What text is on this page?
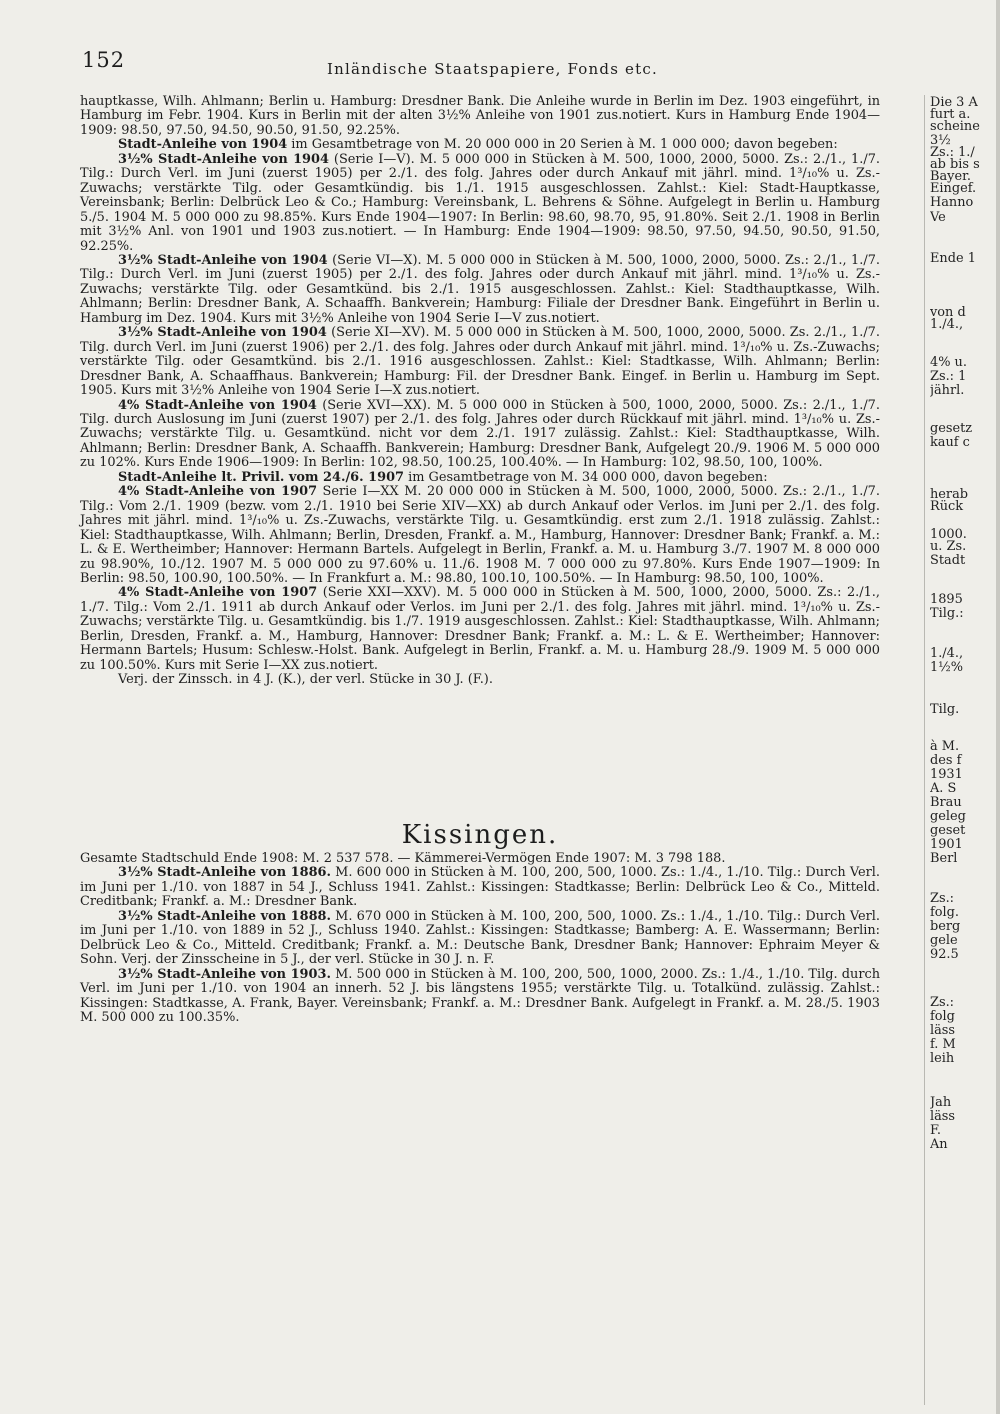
152	Inländische Staatspapiere, Fonds etc.

hauptkasse, Wilh. Ahlmann; Berlin u. Hamburg: Dresdner Bank. Die Anleihe wurde in Berlin im Dez. 1903 eingeführt, in Hamburg im Febr. 1904. Kurs in Berlin mit der alten 3½% Anleihe von 1901 zus.notiert. Kurs in Hamburg Ende 1904—1909: 98.50, 97.50, 94.50, 90.50, 91.50, 92.25%.

Stadt-Anleihe von 1904 im Gesamtbetrage von M. 20 000 000 in 20 Serien à M. 1 000 000; davon begeben:

3½% Stadt-Anleihe von 1904 (Serie I—V). M. 5 000 000 in Stücken à M. 500, 1000, 2000, 5000. Zs.: 2./1., 1./7. Tilg.: Durch Verl. im Juni (zuerst 1905) per 2./1. des folg. Jahres oder durch Ankauf mit jährl. mind. 1³/₁₀% u. Zs.-Zuwachs; verstärkte Tilg. oder Gesamtkündig. bis 1./1. 1915 ausgeschlossen. Zahlst.: Kiel: Stadt-Hauptkasse, Vereinsbank; Berlin: Delbrück Leo & Co.; Hamburg: Vereinsbank, L. Behrens & Söhne. Aufgelegt in Berlin u. Hamburg 5./5. 1904 M. 5 000 000 zu 98.85%. Kurs Ende 1904—1907: In Berlin: 98.60, 98.70, 95, 91.80%. Seit 2./1. 1908 in Berlin mit 3½% Anl. von 1901 und 1903 zus.notiert. — In Hamburg: Ende 1904—1909: 98.50, 97.50, 94.50, 90.50, 91.50, 92.25%.

3½% Stadt-Anleihe von 1904 (Serie VI—X). M. 5 000 000 in Stücken à M. 500, 1000, 2000, 5000. Zs.: 2./1., 1./7. Tilg.: Durch Verl. im Juni (zuerst 1905) per 2./1. des folg. Jahres oder durch Ankauf mit jährl. mind. 1³/₁₀% u. Zs.-Zuwachs; verstärkte Tilg. oder Gesamtkünd. bis 2./1. 1915 ausgeschlossen. Zahlst.: Kiel: Stadthauptkasse, Wilh. Ahlmann; Berlin: Dresdner Bank, A. Schaaffh. Bankverein; Hamburg: Filiale der Dresdner Bank. Eingeführt in Berlin u. Hamburg im Dez. 1904. Kurs mit 3½% Anleihe von 1904 Serie I—V zus.notiert.

3½% Stadt-Anleihe von 1904 (Serie XI—XV). M. 5 000 000 in Stücken à M. 500, 1000, 2000, 5000. Zs. 2./1., 1./7. Tilg. durch Verl. im Juni (zuerst 1906) per 2./1. des folg. Jahres oder durch Ankauf mit jährl. mind. 1³/₁₀% u. Zs.-Zuwachs; verstärkte Tilg. oder Gesamtkünd. bis 2./1. 1916 ausgeschlossen. Zahlst.: Kiel: Stadtkasse, Wilh. Ahlmann; Berlin: Dresdner Bank, A. Schaaffhaus. Bankverein; Hamburg: Fil. der Dresdner Bank. Eingef. in Berlin u. Hamburg im Sept. 1905. Kurs mit 3½% Anleihe von 1904 Serie I—X zus.notiert.

4% Stadt-Anleihe von 1904 (Serie XVI—XX). M. 5 000 000 in Stücken à 500, 1000, 2000, 5000. Zs.: 2./1., 1./7. Tilg. durch Auslosung im Juni (zuerst 1907) per 2./1. des folg. Jahres oder durch Rückkauf mit jährl. mind. 1³/₁₀% u. Zs.-Zuwachs; verstärkte Tilg. u. Gesamtkünd. nicht vor dem 2./1. 1917 zulässig. Zahlst.: Kiel: Stadthauptkasse, Wilh. Ahlmann; Berlin: Dresdner Bank, A. Schaaffh. Bankverein; Hamburg: Dresdner Bank, Aufgelegt 20./9. 1906 M. 5 000 000 zu 102%. Kurs Ende 1906—1909: In Berlin: 102, 98.50, 100.25, 100.40%. — In Hamburg: 102, 98.50, 100, 100%.

Stadt-Anleihe lt. Privil. vom 24./6. 1907 im Gesamtbetrage von M. 34 000 000, davon begeben:

4% Stadt-Anleihe von 1907 Serie I—XX M. 20 000 000 in Stücken à M. 500, 1000, 2000, 5000. Zs.: 2./1., 1./7. Tilg.: Vom 2./1. 1909 (bezw. vom 2./1. 1910 bei Serie XIV—XX) ab durch Ankauf oder Verlos. im Juni per 2./1. des folg. Jahres mit jährl. mind. 1³/₁₀% u. Zs.-Zuwachs, verstärkte Tilg. u. Gesamtkündig. erst zum 2./1. 1918 zulässig. Zahlst.: Kiel: Stadthauptkasse, Wilh. Ahlmann; Berlin, Dresden, Frankf. a. M., Hamburg, Hannover: Dresdner Bank; Frankf. a. M.: L. & E. Wertheimber; Hannover: Hermann Bartels. Aufgelegt in Berlin, Frankf. a. M. u. Hamburg 3./7. 1907 M. 8 000 000 zu 98.90%, 10./12. 1907 M. 5 000 000 zu 97.60% u. 11./6. 1908 M. 7 000 000 zu 97.80%. Kurs Ende 1907—1909: In Berlin: 98.50, 100.90, 100.50%. — In Frankfurt a. M.: 98.80, 100.10, 100.50%. — In Hamburg: 98.50, 100, 100%.

4% Stadt-Anleihe von 1907 (Serie XXI—XXV). M. 5 000 000 in Stücken à M. 500, 1000, 2000, 5000. Zs.: 2./1., 1./7. Tilg.: Vom 2./1. 1911 ab durch Ankauf oder Verlos. im Juni per 2./1. des folg. Jahres mit jährl. mind. 1³/₁₀% u. Zs.-Zuwachs; verstärkte Tilg. u. Gesamtkündig. bis 1./7. 1919 ausgeschlossen. Zahlst.: Kiel: Stadthauptkasse, Wilh. Ahlmann; Berlin, Dresden, Frankf. a. M., Hamburg, Hannover: Dresdner Bank; Frankf. a. M.: L. & E. Wertheimber; Hannover: Hermann Bartels; Husum: Schlesw.-Holst. Bank. Aufgelegt in Berlin, Frankf. a. M. u. Hamburg 28./9. 1909 M. 5 000 000 zu 100.50%. Kurs mit Serie I—XX zus.notiert.

Verj. der Zinssch. in 4 J. (K.), der verl. Stücke in 30 J. (F.).

Kissingen.

Gesamte Stadtschuld Ende 1908: M. 2 537 578. — Kämmerei-Vermögen Ende 1907: M. 3 798 188.

3½% Stadt-Anleihe von 1886. M. 600 000 in Stücken à M. 100, 200, 500, 1000. Zs.: 1./4., 1./10. Tilg.: Durch Verl. im Juni per 1./10. von 1887 in 54 J., Schluss 1941. Zahlst.: Kissingen: Stadtkasse; Berlin: Delbrück Leo & Co., Mitteld. Creditbank; Frankf. a. M.: Dresdner Bank.

3½% Stadt-Anleihe von 1888. M. 670 000 in Stücken à M. 100, 200, 500, 1000. Zs.: 1./4., 1./10. Tilg.: Durch Verl. im Juni per 1./10. von 1889 in 52 J., Schluss 1940. Zahlst.: Kissingen: Stadtkasse; Bamberg: A. E. Wassermann; Berlin: Delbrück Leo & Co., Mitteld. Creditbank; Frankf. a. M.: Deutsche Bank, Dresdner Bank; Hannover: Ephraim Meyer & Sohn. Verj. der Zinsscheine in 5 J., der verl. Stücke in 30 J. n. F.

3½% Stadt-Anleihe von 1903. M. 500 000 in Stücken à M. 100, 200, 500, 1000, 2000. Zs.: 1./4., 1./10. Tilg. durch Verl. im Juni per 1./10. von 1904 an innerh. 52 J. bis längstens 1955; verstärkte Tilg. u. Totalkünd. zulässig. Zahlst.: Kissingen: Stadtkasse, A. Frank, Bayer. Vereinsbank; Frankf. a. M.: Dresdner Bank. Aufgelegt in Frankf. a. M. 28./5. 1903 M. 500 000 zu 100.35%.

Die 3 A
furt a.
scheine
3½
Zs.: 1./
ab bis s
Bayer.
Eingef.
Hanno
Ve
Ende 1
von d
1./4.,
4% u.
Zs.: 1
jährl.
gesetz
kauf c
herab
Rück
1000.
u. Zs.
Stadt
1895
Tilg.:
1./4.,
1½%
Tilg.
à M.
des f
1931
A. S
Brau
geleg
geset
1901
Berl
Zs.:
folg.
berg
gele
92.5
Zs.:
folg
läss
f. M
leih
Jah
läss
F.
An
